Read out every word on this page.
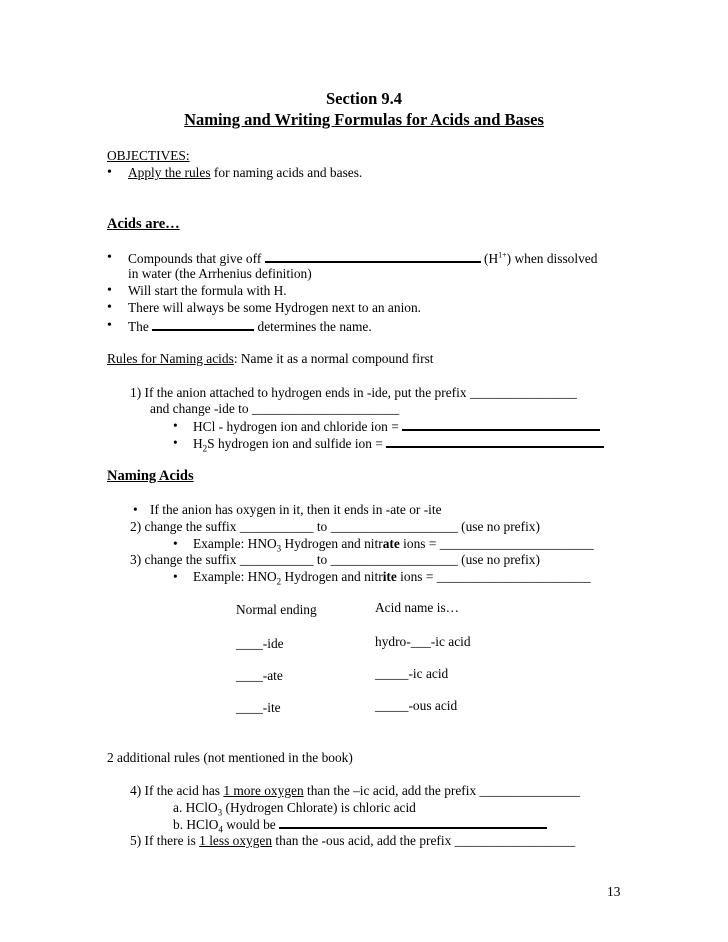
Section 9.4
Naming and Writing Formulas for Acids and Bases
OBJECTIVES:
• Apply the rules for naming acids and bases.
Acids are…
• Compounds that give off	$(H^{1+})$ when dissolved
in water (the Arrhenius definition)
• Will start the formula with H.
• There will always be some Hydrogen next to an anion.
• The	determines the name.
Rules for Naming acids: Name it as a normal compound first
1) If the anion attached to hydrogen ends in -ide, put the prefix ________________
and change -ide to ______________________
• HCl - hydrogen ion and chloride ion =
• $H_2S$ hydrogen ion and sulfide ion =
Naming Acids
• If the anion has oxygen in it, then it ends in -ate or -ite
2) change the suffix ___________ to ___________________ (use no prefix)
• Example: $HNO_3$ Hydrogen and nitrate ions = _______________________
3) change the suffix ___________ to ___________________ (use no prefix)
• Example: $HNO_2$ Hydrogen and nitrite ions = _______________________
Normal ending	Acid name is…
____-ide	hydro-___-ic acid
____-ate	_____-ic acid
____-ite	_____-ous acid
2 additional rules (not mentioned in the book)
4) If the acid has 1 more oxygen than the –ic acid, add the prefix _______________
a. HClO$_3$ (Hydrogen Chlorate) is chloric acid
b. HClO$_4$ would be
5) If there is 1 less oxygen than the -ous acid, add the prefix __________________
13
